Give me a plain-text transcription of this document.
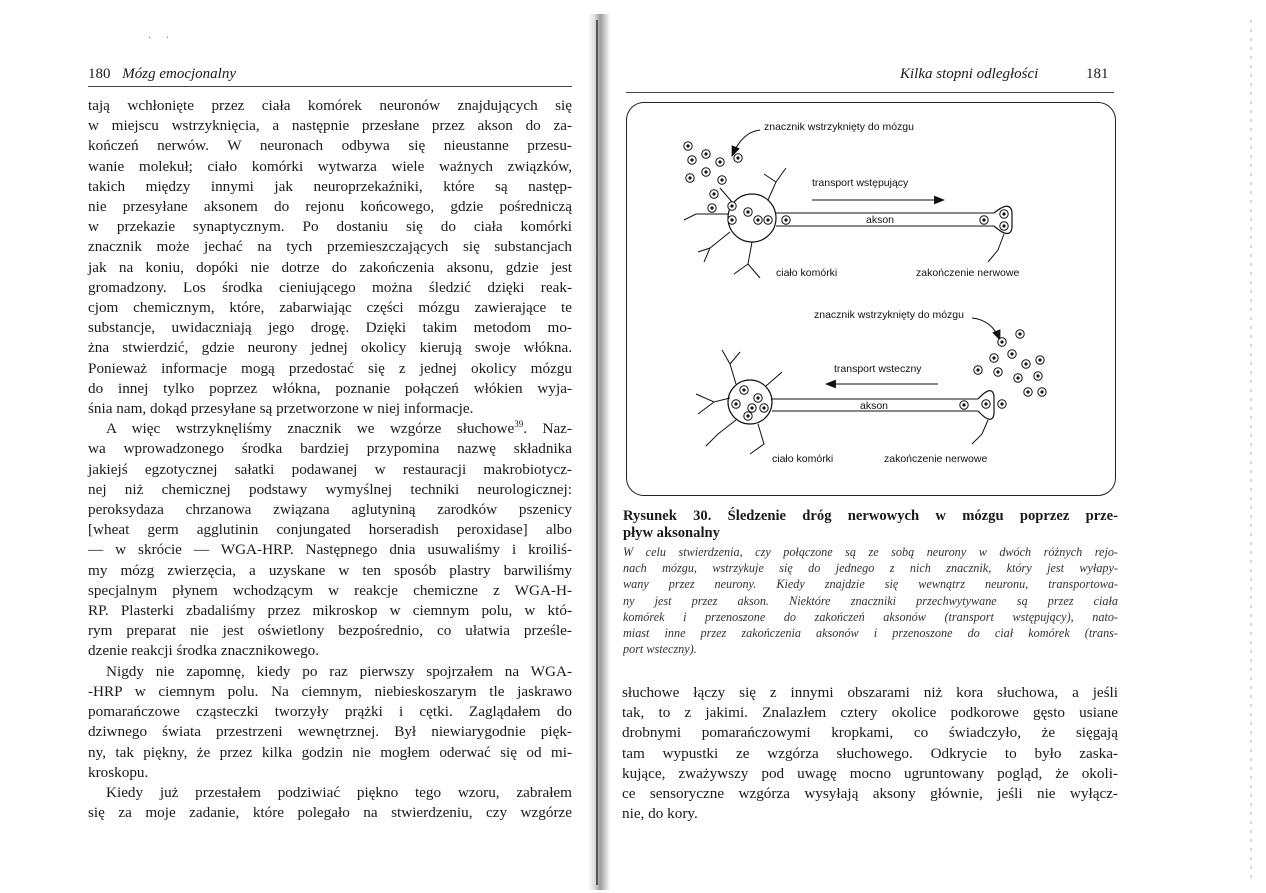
· ·
180 Mózg emocjonalny
tają wchłonięte przez ciała komórek neuronów znajdujących się
w miejscu wstrzyknięcia, a następnie przesłane przez akson do za-
kończeń nerwów. W neuronach odbywa się nieustanne przesu-
wanie molekuł; ciało komórki wytwarza wiele ważnych związków,
takich między innymi jak neuroprzekaźniki, które są następ-
nie przesyłane aksonem do rejonu końcowego, gdzie pośredniczą
w przekazie synaptycznym. Po dostaniu się do ciała komórki
znacznik może jechać na tych przemieszczających się substancjach
jak na koniu, dopóki nie dotrze do zakończenia aksonu, gdzie jest
gromadzony. Los środka cieniującego można śledzić dzięki reak-
cjom chemicznym, które, zabarwiając części mózgu zawierające te
substancje, uwidaczniają jego drogę. Dzięki takim metodom mo-
żna stwierdzić, gdzie neurony jednej okolicy kierują swoje włókna.
Ponieważ informacje mogą przedostać się z jednej okolicy mózgu
do innej tylko poprzez włókna, poznanie połączeń włókien wyja-
śnia nam, dokąd przesyłane są przetworzone w niej informacje.
A więc wstrzyknęliśmy znacznik we wzgórze słuchowe$^{39}$. Naz-
wa wprowadzonego środka bardziej przypomina nazwę składnika
jakiejś egzotycznej sałatki podawanej w restauracji makrobiotycz-
nej niż chemicznej podstawy wymyślnej techniki neurologicznej:
peroksydaza chrzanowa związana aglutyniną zarodków pszenicy
[wheat germ agglutinin conjungated horseradish peroxidase] albo
— w skrócie — WGA-HRP. Następnego dnia usuwaliśmy i kroiliś-
my mózg zwierzęcia, a uzyskane w ten sposób plastry barwiliśmy
specjalnym płynem wchodzącym w reakcje chemiczne z WGA-H-
RP. Plasterki zbadaliśmy przez mikroskop w ciemnym polu, w któ-
rym preparat nie jest oświetlony bezpośrednio, co ułatwia prześle-
dzenie reakcji środka znacznikowego.
Nigdy nie zapomnę, kiedy po raz pierwszy spojrzałem na WGA-
-HRP w ciemnym polu. Na ciemnym, niebieskoszarym tle jaskrawo
pomarańczowe cząsteczki tworzyły prążki i cętki. Zaglądałem do
dziwnego świata przestrzeni wewnętrznej. Był niewiarygodnie pięk-
ny, tak piękny, że przez kilka godzin nie mogłem oderwać się od mi-
kroskopu.
Kiedy już przestałem podziwiać piękno tego wzoru, zabrałem
się za moje zadanie, które polegało na stwierdzeniu, czy wzgórze
Kilka stopni odległości	181
znacznik wstrzyknięty do mózgu
transport wstępujący
akson
ciało komórki	zakończenie nerwowe
znacznik wstrzyknięty do mózgu
transport wsteczny
akson
ciało komórki	zakończenie nerwowe
Rysunek 30. Śledzenie dróg nerwowych w mózgu poprzez prze-
pływ aksonalny
W celu stwierdzenia, czy połączone są ze sobą neurony w dwóch różnych rejo-
nach mózgu, wstrzykuje się do jednego z nich znacznik, który jest wyłapy-
wany przez neurony. Kiedy znajdzie się wewnątrz neuronu, transportowa-
ny jest przez akson. Niektóre znaczniki przechwytywane są przez ciała
komórek i przenoszone do zakończeń aksonów (transport wstępujący), nato-
miast inne przez zakończenia aksonów i przenoszone do ciał komórek (trans-
port wsteczny).
słuchowe łączy się z innymi obszarami niż kora słuchowa, a jeśli
tak, to z jakimi. Znalazłem cztery okolice podkorowe gęsto usiane
drobnymi pomarańczowymi kropkami, co świadczyło, że sięgają
tam wypustki ze wzgórza słuchowego. Odkrycie to było zaska-
kujące, zważywszy pod uwagę mocno ugruntowany pogląd, że okoli-
ce sensoryczne wzgórza wysyłają aksony głównie, jeśli nie wyłącz-
nie, do kory.
